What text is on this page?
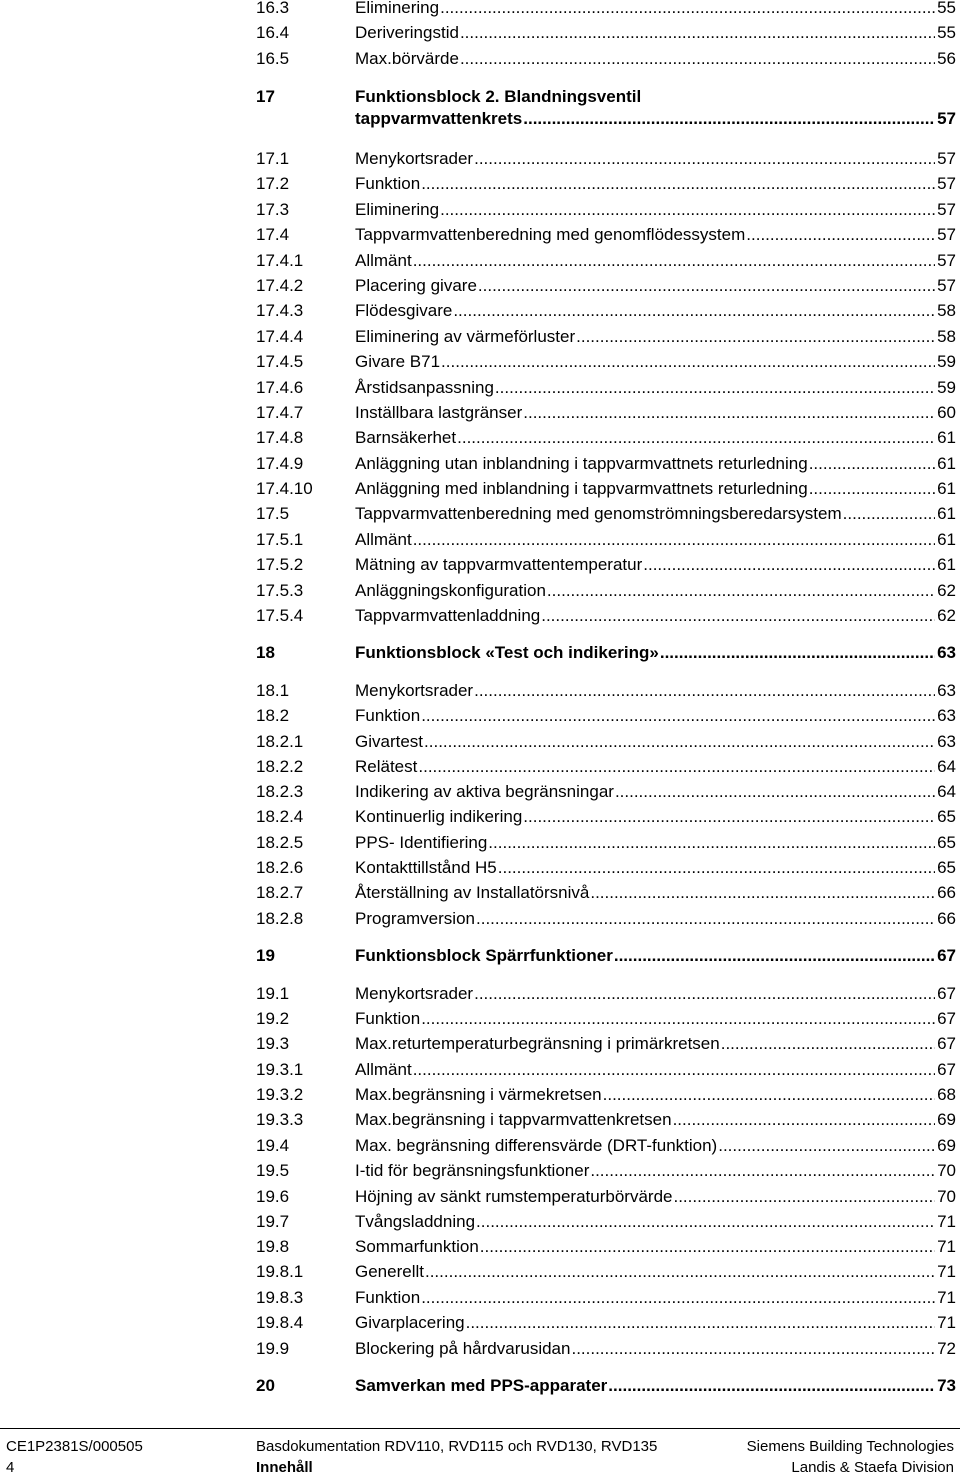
16.3	Eliminering .....	55
16.4	Deriveringstid .....	55
16.5	Max.börvärde .....	56
17	Funktionsblock 2. Blandningsventil
tappvarmvattenkrets .....	57
17.1	Menykortsrader .....	57
17.2	Funktion .....	57
17.3	Eliminering .....	57
17.4	Tappvarmvattenberedning med genomflödessystem .....	57
17.4.1	Allmänt .....	57
17.4.2	Placering givare .....	57
17.4.3	Flödesgivare .....	58
17.4.4	Eliminering av värmeförluster .....	58
17.4.5	Givare B71 .....	59
17.4.6	Årstidsanpassning .....	59
17.4.7	Inställbara lastgränser .....	60
17.4.8	Barnsäkerhet .....	61
17.4.9	Anläggning utan inblandning i tappvarmvattnets returledning .....	61
17.4.10	Anläggning med inblandning i tappvarmvattnets returledning .....	61
17.5	Tappvarmvattenberedning med genomströmningsberedarsystem .....	61
17.5.1	Allmänt .....	61
17.5.2	Mätning av tappvarmvattentemperatur .....	61
17.5.3	Anläggningskonfiguration .....	62
17.5.4	Tappvarmvattenladdning .....	62
18	Funktionsblock «Test och indikering» .....	63
18.1	Menykortsrader .....	63
18.2	Funktion .....	63
18.2.1	Givartest .....	63
18.2.2	Relätest .....	64
18.2.3	Indikering av aktiva begränsningar .....	64
18.2.4	Kontinuerlig indikering .....	65
18.2.5	PPS- Identifiering .....	65
18.2.6	Kontakttillstånd H5 .....	65
18.2.7	Återställning av Installatörsnivå .....	66
18.2.8	Programversion .....	66
19	Funktionsblock Spärrfunktioner .....	67
19.1	Menykortsrader .....	67
19.2	Funktion .....	67
19.3	Max.returtemperaturbegränsning i primärkretsen .....	67
19.3.1	Allmänt .....	67
19.3.2	Max.begränsning i värmekretsen .....	68
19.3.3	Max.begränsning i tappvarmvattenkretsen .....	69
19.4	Max. begränsning differensvärde (DRT-funktion) .....	69
19.5	I-tid för begränsningsfunktioner .....	70
19.6	Höjning av sänkt rumstemperaturbörvärde .....	70
19.7	Tvångsladdning .....	71
19.8	Sommarfunktion .....	71
19.8.1	Generellt .....	71
19.8.3	Funktion .....	71
19.8.4	Givarplacering .....	71
19.9	Blockering på hårdvarusidan .....	72
20	Samverkan med PPS-apparater .....	73
CE1P2381S/000505
4
Basdokumentation RDV110, RVD115 och RVD130, RVD135
Innehåll
Siemens Building Technologies
Landis & Staefa Division
